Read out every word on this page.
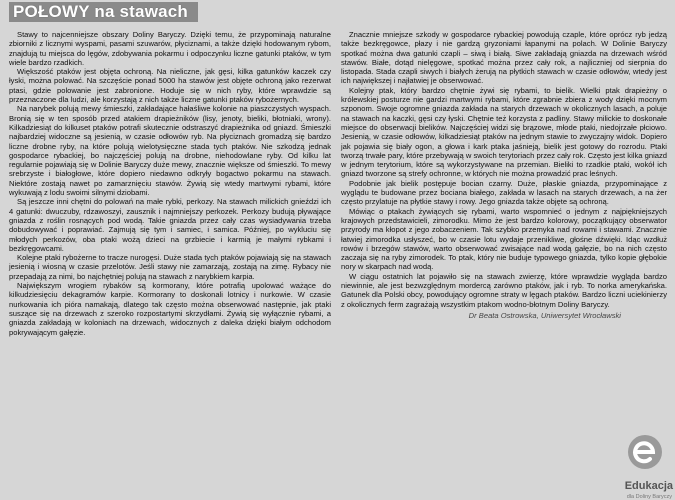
POŁOWY na stawach

Stawy to najcenniejsze obszary Doliny Baryczy. Dzięki temu, że przypominają naturalne zbiorniki z licznymi wyspami, pasami szuwarów, płyciznami, a także dzięki hodowanym rybom, znajdują tu miejsca do lęgów, zdobywania pokarmu i odpoczynku liczne gatunki ptaków, w tym wiele bardzo rzadkich.

Większość ptaków jest objęta ochroną. Na nieliczne, jak gęsi, kilka gatunków kaczek czy łyski, można polować. Na szczęście ponad 5000 ha stawów jest objęte ochroną jako rezerwat ptasi, gdzie polowanie jest zabronione. Hoduje się w nich ryby, które wprawdzie są przeznaczone dla ludzi, ale korzystają z nich także liczne gatunki ptaków rybożernych.

Na narybek polują mewy śmieszki, zakładające hałaśliwe kolonie na piaszczystych wyspach. Bronią się w ten sposób przed atakiem drapieżników (lisy, jenoty, bieliki, błotniaki, wrony). Kilkadziesiąt do kilkuset ptaków potrafi skutecznie odstraszyć drapieżnika od gniazd. Śmieszki najbardziej widoczne są jesienią, w czasie odłowów ryb. Na płyciznach gromadzą się bardzo liczne drobne ryby, na które polują wielotysięczne stada tych ptaków. Nie szkodzą jednak gospodarce rybackiej, bo najczęściej polują na drobne, niehodowlane ryby. Od kilku lat regularnie pojawiają się w Dolinie Baryczy duże mewy, znacznie większe od śmieszki. To mewy srebrzyste i białogłowe, które dopiero niedawno odkryły bogactwo pokarmu na stawach. Niektóre zostają nawet po zamarznięciu stawów. Żywią się wtedy martwymi rybami, które wykuwają z lodu swoimi silnymi dziobami.

Są jeszcze inni chętni do polowań na małe rybki, perkozy. Na stawach milickich gnieździ ich 4 gatunki: dwuczuby, rdzawoszyi, zausznik i najmniejszy perkozek. Perkozy budują pływające gniazda z roślin rosnących pod wodą. Takie gniazda przez cały czas wysiadywania trzeba dobudowywać i poprawiać. Zajmują się tym i samiec, i samica. Później, po wykluciu się młodych perkozów, oba ptaki wożą dzieci na grzbiecie i karmią je małymi rybkami i bezkręgowcami.

Kolejne ptaki rybożerne to tracze nurogęsi. Duże stada tych ptaków pojawiają się na stawach jesienią i wiosną w czasie przelotów. Jeśli stawy nie zamarzają, zostają na zimę. Rybacy nie przepadają za nimi, bo najchętniej polują na stawach z narybkiem karpia.

Największym wrogiem rybaków są kormorany, które potrafią upolować ważące do kilkudziesięciu dekagramów karpie. Kormorany to doskonali lotnicy i nurkowie. W czasie nurkowania ich pióra namakają, dlatego tak często można obserwować następnie, jak ptaki suszące się na drzewach z szeroko rozpostartymi skrzydłami. Żywią się wyłącznie rybami, a gniazda zakładają w koloniach na drzewach, widocznych z daleka dzięki białym odchodom pokrywającym gałęzie.

Znacznie mniejsze szkody w gospodarce rybackiej powodują czaple, które oprócz ryb jedzą także bezkręgowce, płazy i nie gardzą gryzoniami łapanymi na polach. W Dolinie Baryczy spotkać można dwa gatunki czapli – siwą i białą. Siwe zakładają gniazda na drzewach wśród stawów. Białe, dotąd nielęgowe, spotkać można przez cały rok, a najliczniej od sierpnia do listopada. Stada czapli siwych i białych żerują na płytkich stawach w czasie odłowów, wtedy jest ich największej i najłatwiej je obserwować.

Kolejny ptak, który bardzo chętnie żywi się rybami, to bielik. Wielki ptak drapieżny o królewskiej posturze nie gardzi martwymi rybami, które zgrabnie zbiera z wody dzięki mocnym szponom. Swoje ogromne gniazda zakłada na starych drzewach w okolicznych lasach, a poluje na stawach na kaczki, gęsi czy łyski. Chętnie też korzysta z padliny. Stawy milickie to doskonałe miejsce do obserwacji bielików. Najczęściej widzi się brązowe, młode ptaki, niedojrzałe płciowo. Jesienią, w czasie odłowów, kilkadziesiąt ptaków na jednym stawie to zwyczajny widok. Dopiero jak pojawia się biały ogon, a głowa i kark ptaka jaśnieją, bielik jest gotowy do rozrodu. Ptaki tworzą trwałe pary, które przebywają w swoich terytoriach przez cały rok. Często jest kilka gniazd w jednym terytorium, które są wykorzystywane na przemian. Bieliki to rzadkie ptaki, wokół ich gniazd tworzone są strefy ochronne, w których nie można prowadzić prac leśnych.

Podobnie jak bielik postępuje bocian czarny. Duże, płaskie gniazda, przypominające z wyglądu te budowane przez bociana białego, zakłada w lasach na starych drzewach, a na żer często przylatuje na płytkie stawy i rowy. Jego gniazda także objęte są ochroną.

Mówiąc o ptakach żywiących się rybami, warto wspomnieć o jednym z najpiękniejszych krajowych przedstawicieli, zimorodku. Mimo że jest bardzo kolorowy, początkujący obserwator przyrody ma kłopot z jego zobaczeniem. Tak szybko przemyka nad rowami i stawami. Znacznie łatwiej zimorodka usłyszeć, bo w czasie lotu wydaje przenikliwe, głośne dźwięki. Idąc wzdłuż rowów i brzegów stawów, warto obserwować zwisające nad wodą gałęzie, bo na nich często zaczaja się na ryby zimorodek. To ptak, który nie buduje typowego gniazda, tylko kopie głębokie nory w skarpach nad wodą.

W ciągu ostatnich lat pojawiło się na stawach zwierzę, które wprawdzie wygląda bardzo niewinnie, ale jest bezwzględnym mordercą zarówno ptaków, jak i ryb. To norka amerykańska. Gatunek dla Polski obcy, powodujący ogromne straty w lęgach ptaków. Bardzo liczni uciekinierzy z okolicznych ferm zagrażają wszystkim ptakom wodno-błotnym Doliny Baryczy.

Dr Beata Ostrowska, Uniwersytet Wrocławski
Edukacja
dla Doliny Baryczy
